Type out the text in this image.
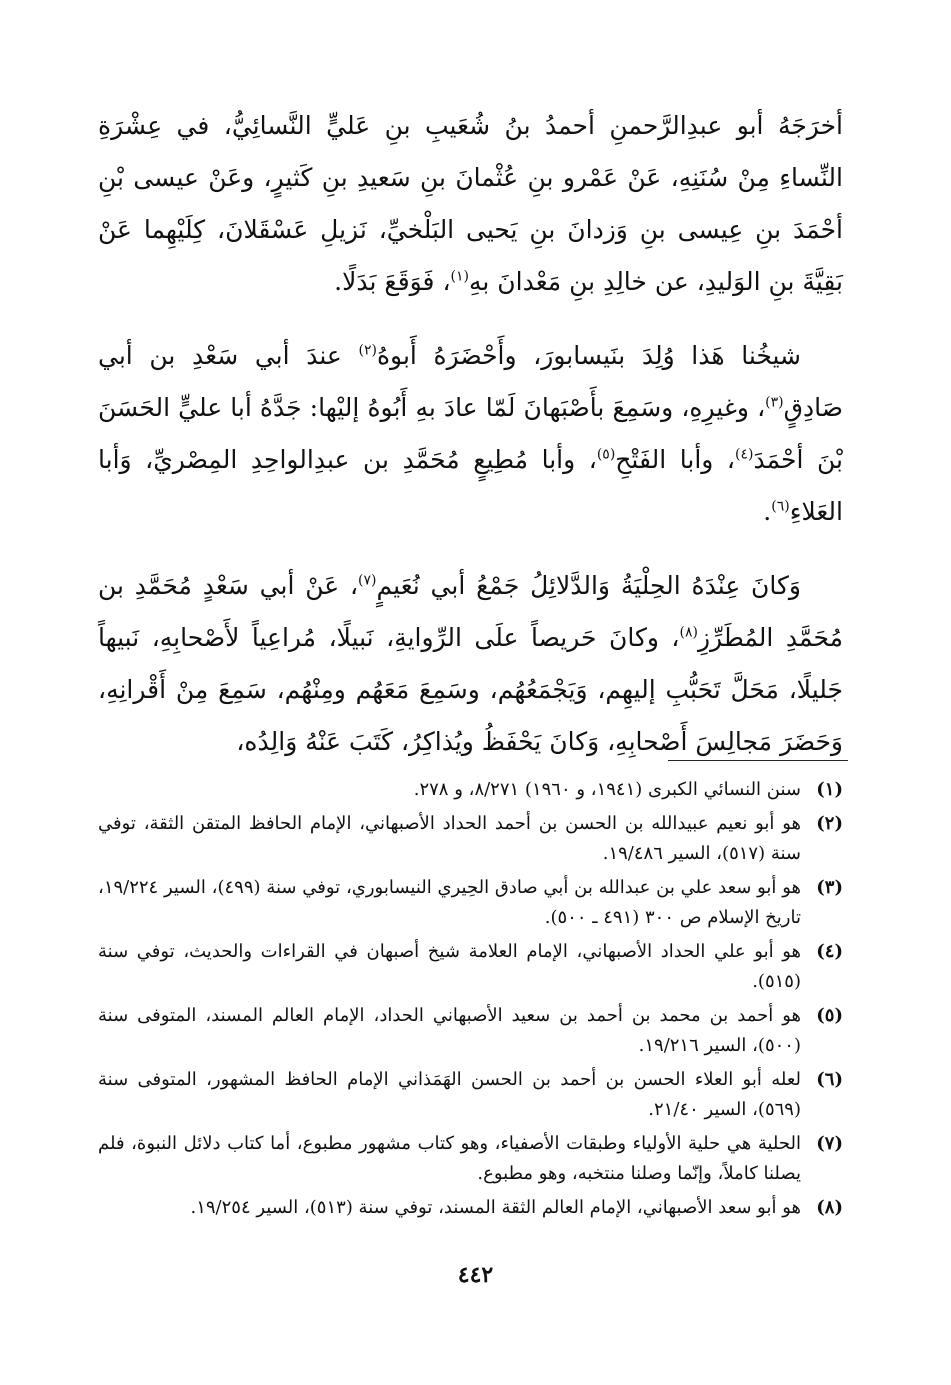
أخرَجَهُ أبو عبدِالرَّحمنِ أحمدُ بنُ شُعَيبِ بنِ عَليٍّ النَّسائِيُّ، في عِشْرَةِ النِّساءِ مِنْ سُنَنِهِ، عَنْ عَمْرو بنِ عُثْمانَ بنِ سَعيدِ بنِ كَثيرٍ، وعَنْ عيسى بْنِ أحْمَدَ بنِ عِيسى بنِ وَزدانَ بنِ يَحيى البَلْخيِّ، نَزيلِ عَسْقَلانَ، كِلَيْهِما عَنْ بَقِيَّةَ بنِ الوَليدِ، عن خالِدِ بنِ مَعْدانَ بهِ$^{(١)}$، فَوَقَعَ بَدَلًا.

شيخُنا هَذا وُلِدَ بنَيسابورَ، وأَحْضَرَهُ أَبوهُ$^{(٢)}$ عندَ أبي سَعْدِ بن أبي صَادِقٍ$^{(٣)}$، وغيرِهِ، وسَمِعَ بأَصْبَهانَ لَمّا عادَ بهِ أَبُوهُ إليْها: جَدَّهُ أبا عليٍّ الحَسَنَ بْنَ أحْمَدَ$^{(٤)}$، وأبا الفَتْحِ$^{(٥)}$، وأبا مُطِيعٍ مُحَمَّدِ بن عبدِالواحِدِ المِصْريِّ، وَأبا العَلاءِ$^{(٦)}$.

وَكانَ عِنْدَهُ الحِلْيَةُ وَالدَّلائِلُ جَمْعُ أبي نُعَيمٍ$^{(٧)}$، عَنْ أبي سَعْدٍ مُحَمَّدِ بن مُحَمَّدِ المُطَرِّزِ$^{(٨)}$، وكانَ حَريصاً علَى الرِّوايةِ، نَبيلًا، مُراعِياً لأَصْحابِهِ، نَبيهاً جَليلًا، مَحَلَّ تَحَبُّبِ إليهِم، وَيَجْمَعُهُم، وسَمِعَ مَعَهُم ومِنْهُم، سَمِعَ مِنْ أَقْرانِهِ، وَحَضَرَ مَجالِسَ أَصْحابِهِ، وَكانَ يَحْفَظُ ويُذاكِرُ، كَتَبَ عَنْهُ وَالِدُه،

(١)
سنن النسائي الكبرى (١٩٤١، و ١٩٦٠) ٨/٢٧١، و ٢٧٨.
(٢)
هو أبو نعيم عبيدالله بن الحسن بن أحمد الحداد الأصبهاني، الإمام الحافظ المتقن الثقة، توفي سنة (٥١٧)، السير ١٩/٤٨٦.
(٣)
هو أبو سعد علي بن عبدالله بن أبي صادق الحِيري النيسابوري، توفي سنة (٤٩٩)، السير ١٩/٢٢٤، تاريخ الإسلام ص ٣٠٠ (٤٩١ ـ ٥٠٠).
(٤)
هو أبو علي الحداد الأصبهاني، الإمام العلامة شيخ أصبهان في القراءات والحديث، توفي سنة (٥١٥).
(٥)
هو أحمد بن محمد بن أحمد بن سعيد الأصبهاني الحداد، الإمام العالم المسند، المتوفى سنة (٥٠٠)، السير ١٩/٢١٦.
(٦)
لعله أبو العلاء الحسن بن أحمد بن الحسن الهَمَذاني الإمام الحافظ المشهور، المتوفى سنة (٥٦٩)، السير ٢١/٤٠.
(٧)
الحلية هي حلية الأولياء وطبقات الأصفياء، وهو كتاب مشهور مطبوع، أما كتاب دلائل النبوة، فلم يصلنا كاملاً، وإنّما وصلنا منتخبه، وهو مطبوع.
(٨)
هو أبو سعد الأصبهاني، الإمام العالم الثقة المسند، توفي سنة (٥١٣)، السير ١٩/٢٥٤.
٤٤٢
